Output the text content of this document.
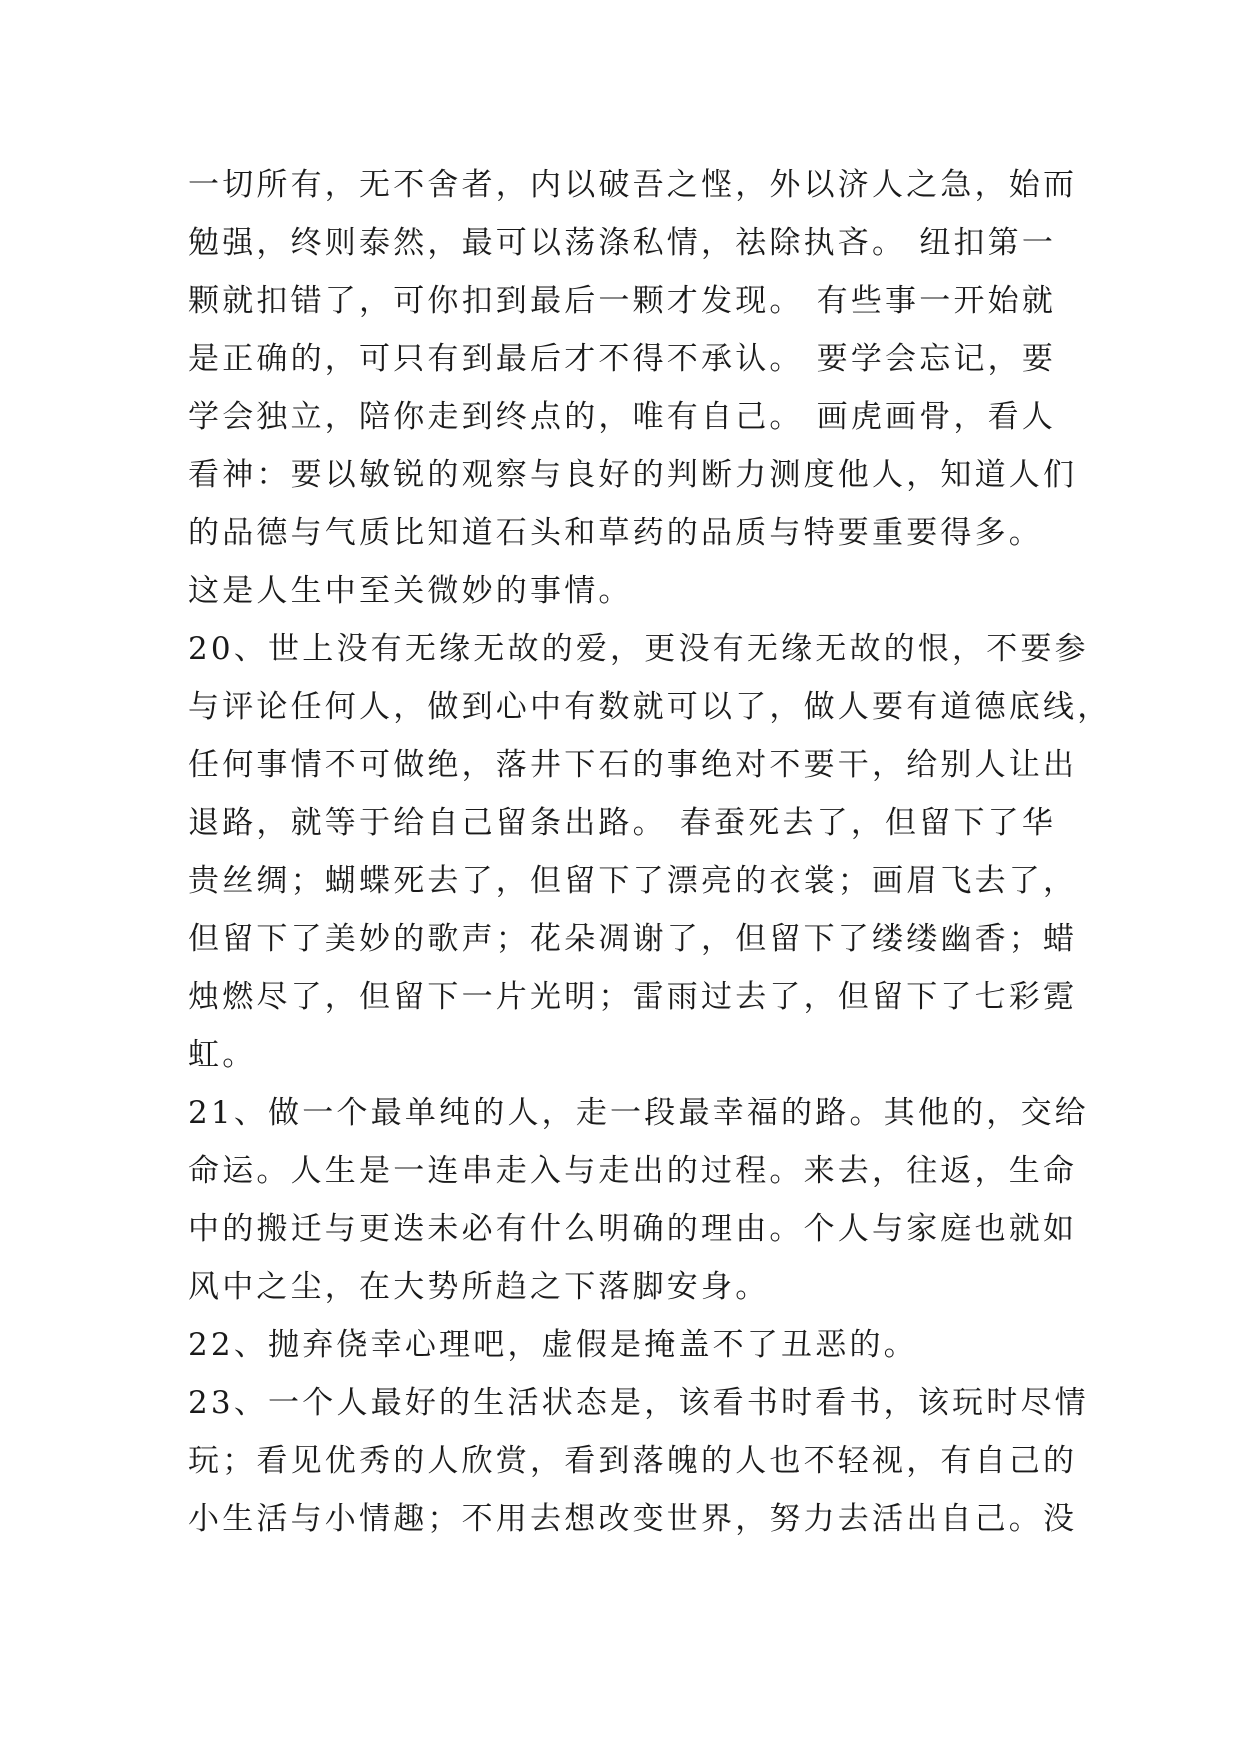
一切所有，无不舍者，内以破吾之悭，外以济人之急，始而
勉强，终则泰然，最可以荡涤私情，祛除执吝。 纽扣第一
颗就扣错了，可你扣到最后一颗才发现。 有些事一开始就
是正确的，可只有到最后才不得不承认。 要学会忘记，要
学会独立，陪你走到终点的，唯有自己。 画虎画骨，看人
看神：要以敏锐的观察与良好的判断力测度他人，知道人们
的品德与气质比知道石头和草药的品质与特要重要得多。
这是人生中至关微妙的事情。
20、世上没有无缘无故的爱，更没有无缘无故的恨，不要参
与评论任何人，做到心中有数就可以了，做人要有道德底线，
任何事情不可做绝，落井下石的事绝对不要干，给别人让出
退路，就等于给自己留条出路。 春蚕死去了，但留下了华
贵丝绸；蝴蝶死去了，但留下了漂亮的衣裳；画眉飞去了，
但留下了美妙的歌声；花朵凋谢了，但留下了缕缕幽香；蜡
烛燃尽了，但留下一片光明；雷雨过去了，但留下了七彩霓
虹。
21、做一个最单纯的人，走一段最幸福的路。其他的，交给
命运。人生是一连串走入与走出的过程。来去，往返，生命
中的搬迁与更迭未必有什么明确的理由。个人与家庭也就如
风中之尘，在大势所趋之下落脚安身。
22、抛弃侥幸心理吧，虚假是掩盖不了丑恶的。
23、一个人最好的生活状态是，该看书时看书，该玩时尽情
玩；看见优秀的人欣赏，看到落魄的人也不轻视，有自己的
小生活与小情趣；不用去想改变世界，努力去活出自己。没
